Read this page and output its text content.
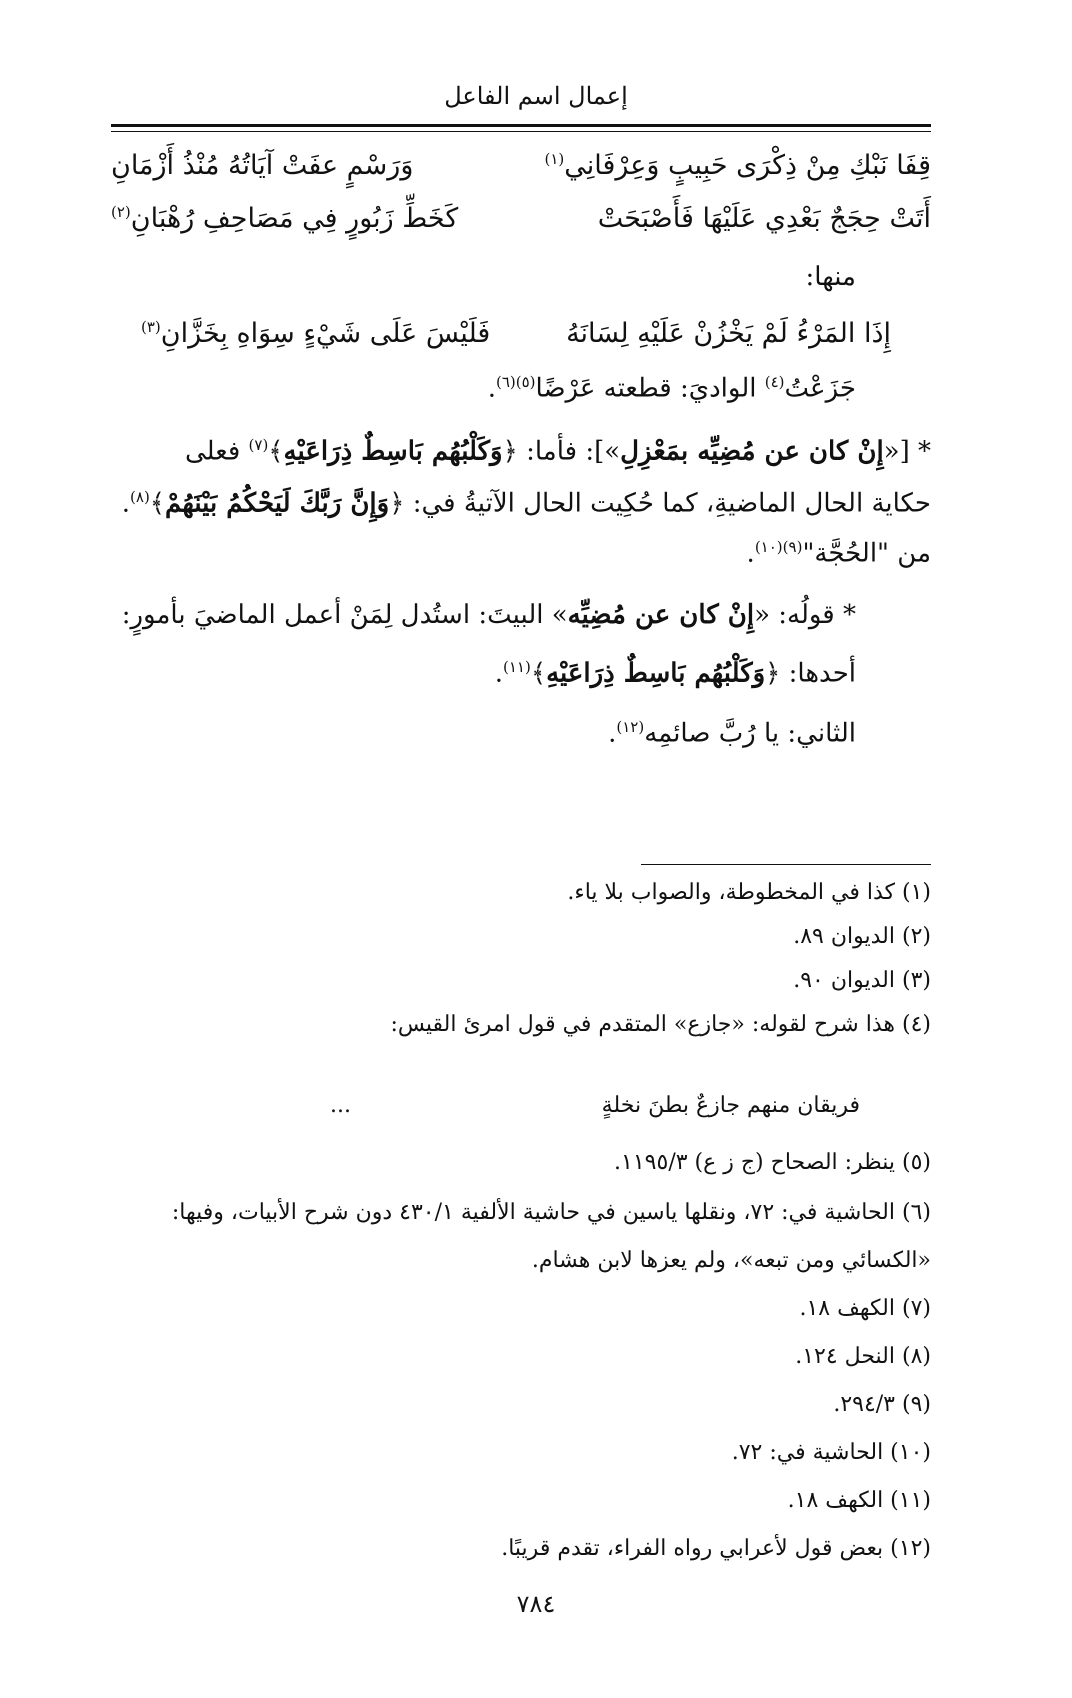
إعمال اسم الفاعل
قِفَا نَبْكِ مِنْ ذِكْرَى حَبِيبٍ وَعِرْفَانِي$^{(١)}$
وَرَسْمٍ عفَتْ آيَاتُهُ مُنْذُ أَزْمَانِ
أَتَتْ حِجَجٌ بَعْدِي عَلَيْهَا فَأَصْبَحَتْ
كَخَطِّ زَبُورٍ فِي مَصَاحِفِ رُهْبَانِ$^{(٢)}$
منها:
إِذَا المَرْءُ لَمْ يَخْزُنْ عَلَيْهِ لِسَانَهُ
فَلَيْسَ عَلَى شَيْءٍ سِوَاهِ بِخَزَّانِ$^{(٣)}$
جَزَعْتُ$^{(٤)}$ الواديَ: قطعته عَرْضًا$^{(٥)(٦)}$.
* [«إِنْ كان عن مُضِيِّه بمَعْزِلِ»]: فأما: ﴿وَكَلْبُهُم بَاسِطٌ ذِرَاعَيْهِ﴾$^{(٧)}$ فعلى
حكاية الحال الماضيةِ، كما حُكِيت الحال الآتيةُ في: ﴿وَإِنَّ رَبَّكَ لَيَحْكُمُ بَيْنَهُمْ﴾$^{(٨)}$.
من "الحُجَّة"$^{(٩)(١٠)}$.
* قولُه: «إِنْ كان عن مُضِيِّه» البيتَ: استُدل لِمَنْ أعمل الماضيَ بأمورٍ:
أحدها: ﴿وَكَلْبُهُم بَاسِطٌ ذِرَاعَيْهِ﴾$^{(١١)}$.
الثاني: يا رُبَّ صائمِه$^{(١٢)}$.
(١) كذا في المخطوطة، والصواب بلا ياء.
(٢) الديوان ٨٩.
(٣) الديوان ٩٠.
(٤) هذا شرح لقوله: «جازع» المتقدم في قول امرئ القيس:
فريقان منهم جازعٌ بطنَ نخلةٍ
...
(٥) ينظر: الصحاح (ج ز ع) ١١٩٥/٣.
(٦) الحاشية في: ٧٢، ونقلها ياسين في حاشية الألفية ٤٣٠/١ دون شرح الأبيات، وفيها:
«الكسائي ومن تبعه»، ولم يعزها لابن هشام.
(٧) الكهف ١٨.
(٨) النحل ١٢٤.
(٩) ٢٩٤/٣.
(١٠) الحاشية في: ٧٢.
(١١) الكهف ١٨.
(١٢) بعض قول لأعرابي رواه الفراء، تقدم قريبًا.
٧٨٤
